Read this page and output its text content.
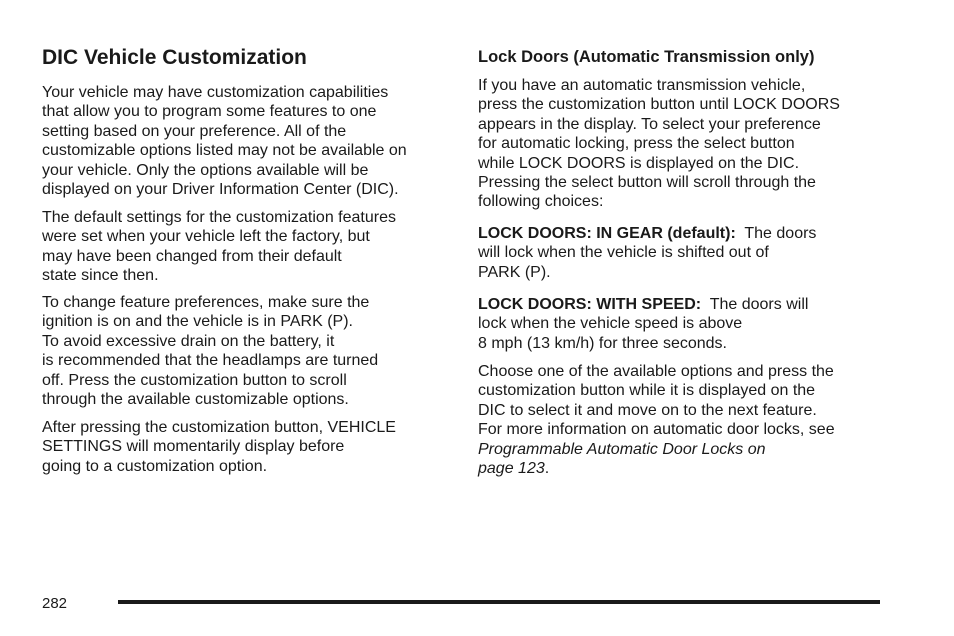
DIC Vehicle Customization

Your vehicle may have customization capabilities
that allow you to program some features to one
setting based on your preference. All of the
customizable options listed may not be available on
your vehicle. Only the options available will be
displayed on your Driver Information Center (DIC).

The default settings for the customization features
were set when your vehicle left the factory, but
may have been changed from their default
state since then.

To change feature preferences, make sure the
ignition is on and the vehicle is in PARK (P).
To avoid excessive drain on the battery, it
is recommended that the headlamps are turned
off. Press the customization button to scroll
through the available customizable options.

After pressing the customization button, VEHICLE
SETTINGS will momentarily display before
going to a customization option.

Lock Doors (Automatic Transmission only)

If you have an automatic transmission vehicle,
press the customization button until LOCK DOORS
appears in the display. To select your preference
for automatic locking, press the select button
while LOCK DOORS is displayed on the DIC.
Pressing the select button will scroll through the
following choices:

LOCK DOORS: IN GEAR (default): The doors
will lock when the vehicle is shifted out of
PARK (P).

LOCK DOORS: WITH SPEED: The doors will
lock when the vehicle speed is above
8 mph (13 km/h) for three seconds.

Choose one of the available options and press the
customization button while it is displayed on the
DIC to select it and move on to the next feature.
For more information on automatic door locks, see
Programmable Automatic Door Locks on
page 123.

282
